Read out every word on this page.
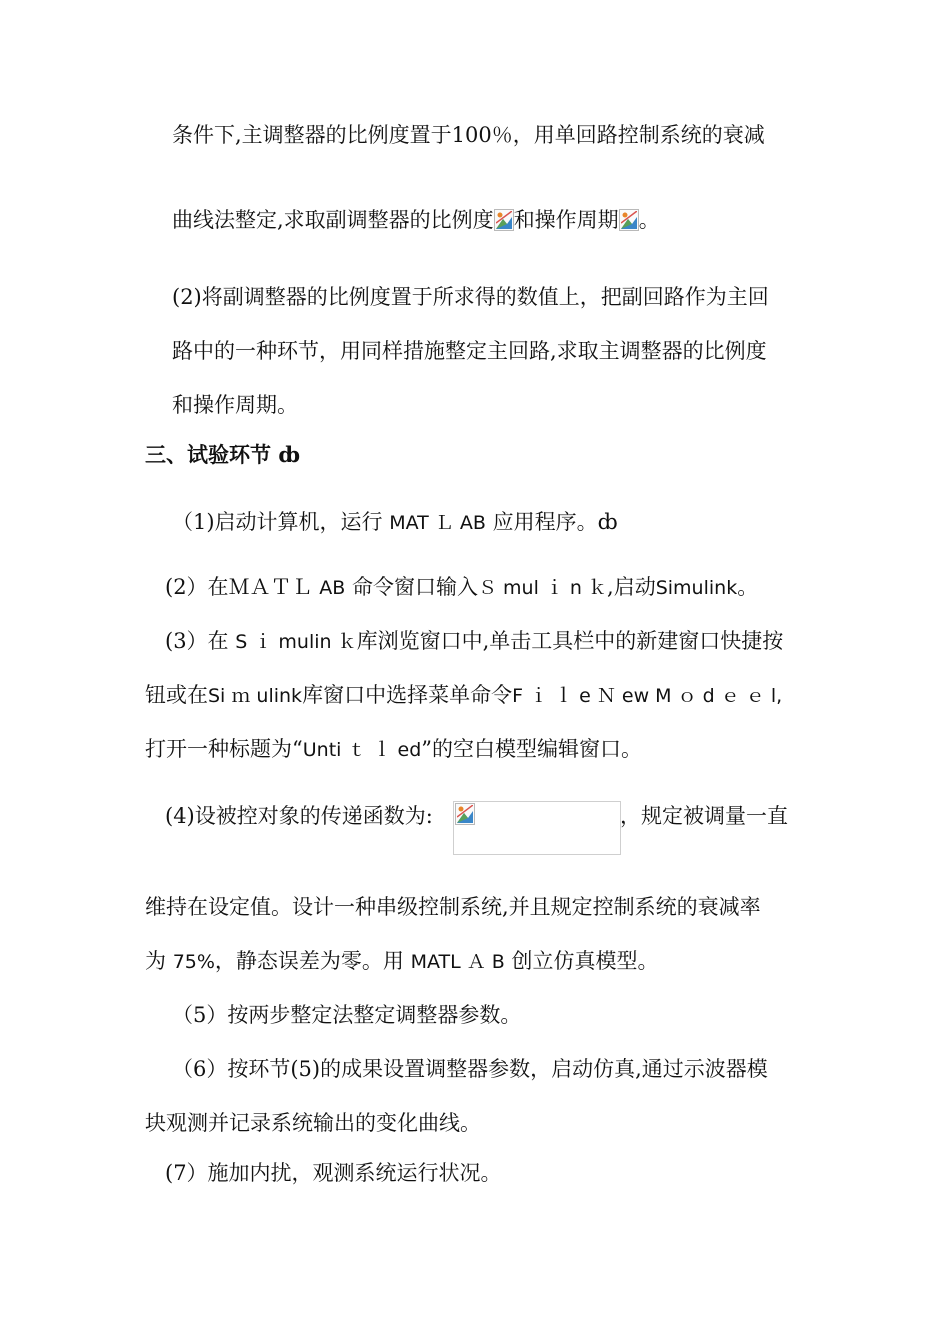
条件下,主调整器的比例度置于100％，用单回路控制系统的衰减
曲线法整定,求取副调整器的比例度 和操作周期 。
(2)将副调整器的比例度置于所求得的数值上，把副回路作为主回
路中的一种环节，用同样措施整定主回路,求取主调整器的比例度
和操作周期。
三、试验环节 ȸ
（1)启动计算机，运行 MAT Ｌ AB 应用程序。ȸ
(2）在ＭＡＴＬ AB 命令窗口输入Ｓ mul ｉ n ｋ,启动Simulink。
(3）在 S ｉ mulin ｋ库浏览窗口中,单击工具栏中的新建窗口快捷按
钮或在Si ｍ ulink库窗口中选择菜单命令F ｉ ｌ e Ｎ ew M ｏ d ｅ ｅ l,
打开一种标题为“Unti ｔ ｌ ed”的空白模型编辑窗口。
(4)设被控对象的传递函数为:	，规定被调量一直
维持在设定值。设计一种串级控制系统,并且规定控制系统的衰减率
为 75%，静态误差为零。用 MATL Ａ B 创立仿真模型。
（5）按两步整定法整定调整器参数。
（6）按环节(5)的成果设置调整器参数，启动仿真,通过示波器模
块观测并记录系统输出的变化曲线。
(7）施加内扰，观测系统运行状况。
